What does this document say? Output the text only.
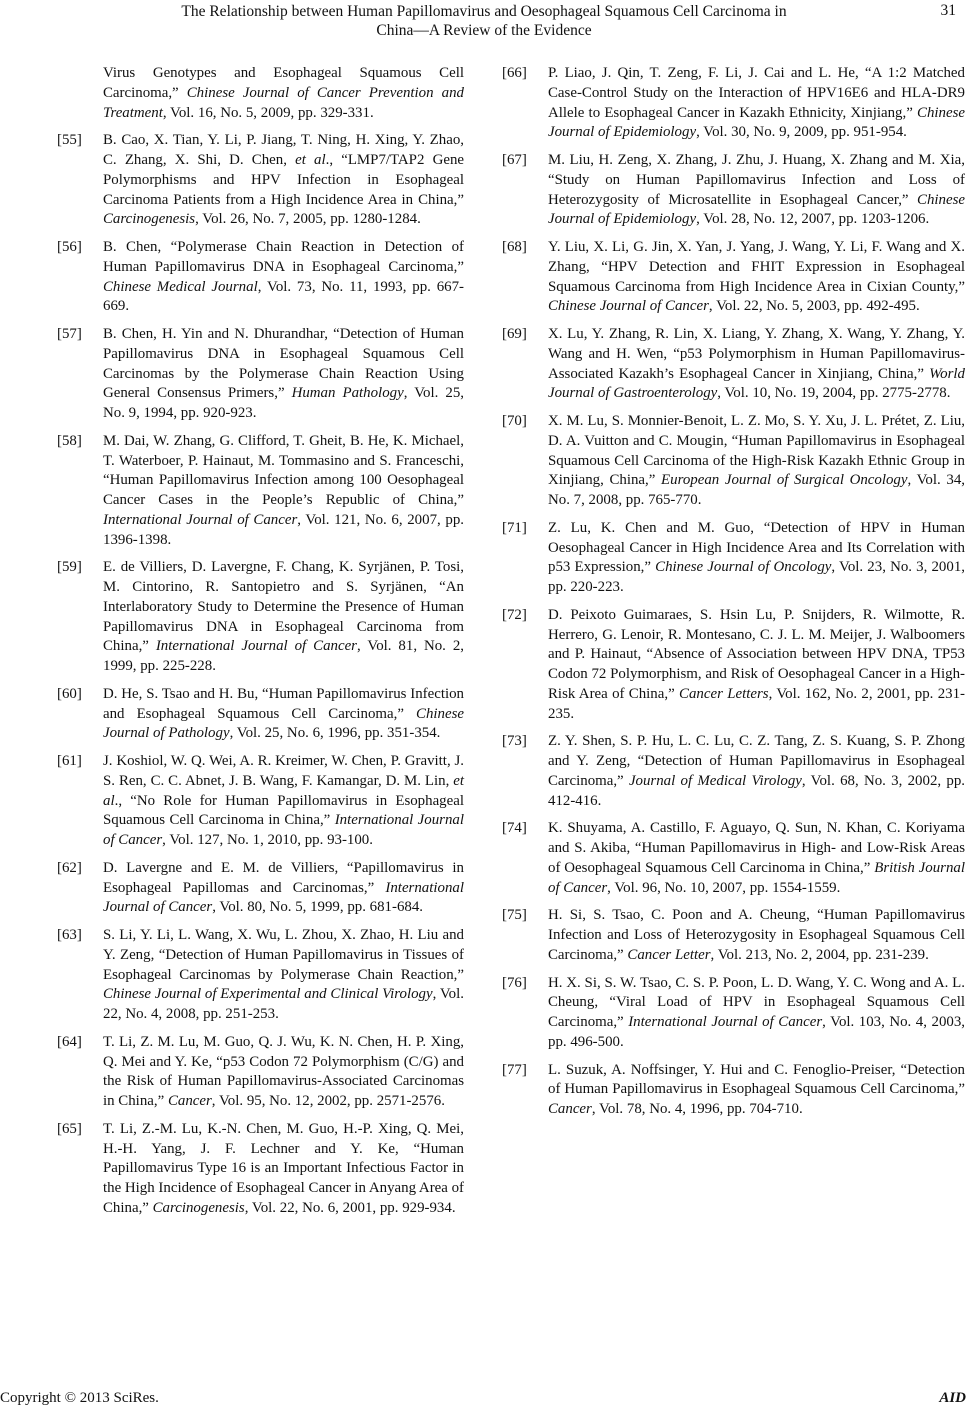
The Relationship between Human Papillomavirus and Oesophageal Squamous Cell Carcinoma in
China—A Review of the Evidence
31
Virus Genotypes and Esophageal Squamous Cell Carcinoma,” Chinese Journal of Cancer Prevention and Treatment, Vol. 16, No. 5, 2009, pp. 329-331.
[55] B. Cao, X. Tian, Y. Li, P. Jiang, T. Ning, H. Xing, Y. Zhao, C. Zhang, X. Shi, D. Chen, et al., “LMP7/TAP2 Gene Polymorphisms and HPV Infection in Esophageal Carcinoma Patients from a High Incidence Area in China,” Carcinogenesis, Vol. 26, No. 7, 2005, pp. 1280-1284.
[56] B. Chen, “Polymerase Chain Reaction in Detection of Human Papillomavirus DNA in Esophageal Carcinoma,” Chinese Medical Journal, Vol. 73, No. 11, 1993, pp. 667-669.
[57] B. Chen, H. Yin and N. Dhurandhar, “Detection of Human Papillomavirus DNA in Esophageal Squamous Cell Carcinomas by the Polymerase Chain Reaction Using General Consensus Primers,” Human Pathology, Vol. 25, No. 9, 1994, pp. 920-923.
[58] M. Dai, W. Zhang, G. Clifford, T. Gheit, B. He, K. Michael, T. Waterboer, P. Hainaut, M. Tommasino and S. Franceschi, “Human Papillomavirus Infection among 100 Oesophageal Cancer Cases in the People’s Republic of China,” International Journal of Cancer, Vol. 121, No. 6, 2007, pp. 1396-1398.
[59] E. de Villiers, D. Lavergne, F. Chang, K. Syrjänen, P. Tosi, M. Cintorino, R. Santopietro and S. Syrjänen, “An Interlaboratory Study to Determine the Presence of Human Papillomavirus DNA in Esophageal Carcinoma from China,” International Journal of Cancer, Vol. 81, No. 2, 1999, pp. 225-228.
[60] D. He, S. Tsao and H. Bu, “Human Papillomavirus Infection and Esophageal Squamous Cell Carcinoma,” Chinese Journal of Pathology, Vol. 25, No. 6, 1996, pp. 351-354.
[61] J. Koshiol, W. Q. Wei, A. R. Kreimer, W. Chen, P. Gravitt, J. S. Ren, C. C. Abnet, J. B. Wang, F. Kamangar, D. M. Lin, et al., “No Role for Human Papillomavirus in Esophageal Squamous Cell Carcinoma in China,” International Journal of Cancer, Vol. 127, No. 1, 2010, pp. 93-100.
[62] D. Lavergne and E. M. de Villiers, “Papillomavirus in Esophageal Papillomas and Carcinomas,” International Journal of Cancer, Vol. 80, No. 5, 1999, pp. 681-684.
[63] S. Li, Y. Li, L. Wang, X. Wu, L. Zhou, X. Zhao, H. Liu and Y. Zeng, “Detection of Human Papillomavirus in Tissues of Esophageal Carcinomas by Polymerase Chain Reaction,” Chinese Journal of Experimental and Clinical Virology, Vol. 22, No. 4, 2008, pp. 251-253.
[64] T. Li, Z. M. Lu, M. Guo, Q. J. Wu, K. N. Chen, H. P. Xing, Q. Mei and Y. Ke, “p53 Codon 72 Polymorphism (C/G) and the Risk of Human Papillomavirus-Associated Carcinomas in China,” Cancer, Vol. 95, No. 12, 2002, pp. 2571-2576.
[65] T. Li, Z.-M. Lu, K.-N. Chen, M. Guo, H.-P. Xing, Q. Mei, H.-H. Yang, J. F. Lechner and Y. Ke, “Human Papillomavirus Type 16 is an Important Infectious Factor in the High Incidence of Esophageal Cancer in Anyang Area of China,” Carcinogenesis, Vol. 22, No. 6, 2001, pp. 929-934.
[66] P. Liao, J. Qin, T. Zeng, F. Li, J. Cai and L. He, “A 1:2 Matched Case-Control Study on the Interaction of HPV16E6 and HLA-DR9 Allele to Esophageal Cancer in Kazakh Ethnicity, Xinjiang,” Chinese Journal of Epidemiology, Vol. 30, No. 9, 2009, pp. 951-954.
[67] M. Liu, H. Zeng, X. Zhang, J. Zhu, J. Huang, X. Zhang and M. Xia, “Study on Human Papillomavirus Infection and Loss of Heterozygosity of Microsatellite in Esophageal Cancer,” Chinese Journal of Epidemiology, Vol. 28, No. 12, 2007, pp. 1203-1206.
[68] Y. Liu, X. Li, G. Jin, X. Yan, J. Yang, J. Wang, Y. Li, F. Wang and X. Zhang, “HPV Detection and FHIT Expression in Esophageal Squamous Carcinoma from High Incidence Area in Cixian County,” Chinese Journal of Cancer, Vol. 22, No. 5, 2003, pp. 492-495.
[69] X. Lu, Y. Zhang, R. Lin, X. Liang, Y. Zhang, X. Wang, Y. Zhang, Y. Wang and H. Wen, “p53 Polymorphism in Human Papillomavirus-Associated Kazakh’s Esophageal Cancer in Xinjiang, China,” World Journal of Gastroenterology, Vol. 10, No. 19, 2004, pp. 2775-2778.
[70] X. M. Lu, S. Monnier-Benoit, L. Z. Mo, S. Y. Xu, J. L. Prétet, Z. Liu, D. A. Vuitton and C. Mougin, “Human Papillomavirus in Esophageal Squamous Cell Carcinoma of the High-Risk Kazakh Ethnic Group in Xinjiang, China,” European Journal of Surgical Oncology, Vol. 34, No. 7, 2008, pp. 765-770.
[71] Z. Lu, K. Chen and M. Guo, “Detection of HPV in Human Oesophageal Cancer in High Incidence Area and Its Correlation with p53 Expression,” Chinese Journal of Oncology, Vol. 23, No. 3, 2001, pp. 220-223.
[72] D. Peixoto Guimaraes, S. Hsin Lu, P. Snijders, R. Wilmotte, R. Herrero, G. Lenoir, R. Montesano, C. J. L. M. Meijer, J. Walboomers and P. Hainaut, “Absence of Association between HPV DNA, TP53 Codon 72 Polymorphism, and Risk of Oesophageal Cancer in a High-Risk Area of China,” Cancer Letters, Vol. 162, No. 2, 2001, pp. 231-235.
[73] Z. Y. Shen, S. P. Hu, L. C. Lu, C. Z. Tang, Z. S. Kuang, S. P. Zhong and Y. Zeng, “Detection of Human Papillomavirus in Esophageal Carcinoma,” Journal of Medical Virology, Vol. 68, No. 3, 2002, pp. 412-416.
[74] K. Shuyama, A. Castillo, F. Aguayo, Q. Sun, N. Khan, C. Koriyama and S. Akiba, “Human Papillomavirus in High- and Low-Risk Areas of Oesophageal Squamous Cell Carcinoma in China,” British Journal of Cancer, Vol. 96, No. 10, 2007, pp. 1554-1559.
[75] H. Si, S. Tsao, C. Poon and A. Cheung, “Human Papillomavirus Infection and Loss of Heterozygosity in Esophageal Squamous Cell Carcinoma,” Cancer Letter, Vol. 213, No. 2, 2004, pp. 231-239.
[76] H. X. Si, S. W. Tsao, C. S. P. Poon, L. D. Wang, Y. C. Wong and A. L. Cheung, “Viral Load of HPV in Esophageal Squamous Cell Carcinoma,” International Journal of Cancer, Vol. 103, No. 4, 2003, pp. 496-500.
[77] L. Suzuk, A. Noffsinger, Y. Hui and C. Fenoglio-Preiser, “Detection of Human Papillomavirus in Esophageal Squamous Cell Carcinoma,” Cancer, Vol. 78, No. 4, 1996, pp. 704-710.
Copyright © 2013 SciRes.	AID
